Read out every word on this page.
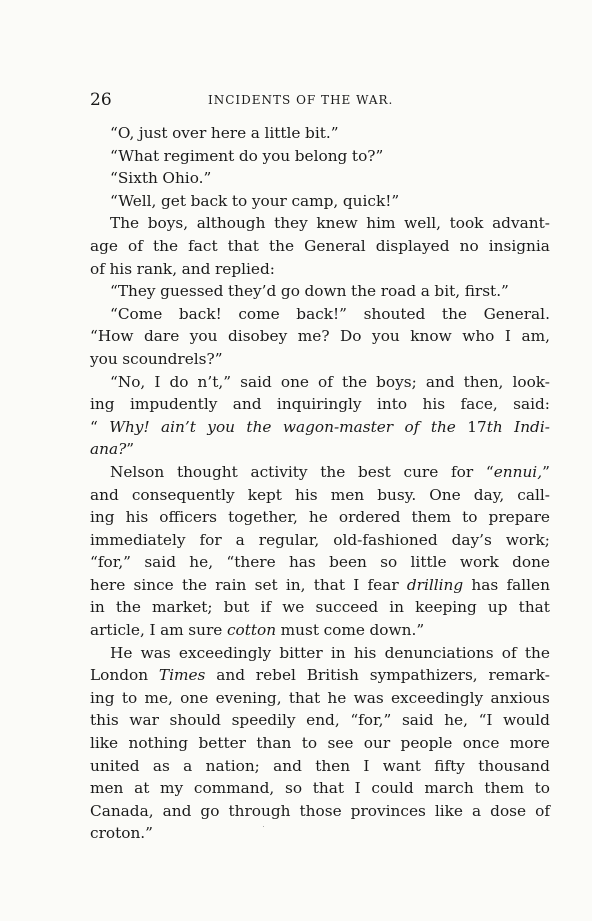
26	INCIDENTS OF THE WAR.
“O, just over here a little bit.”
“What regiment do you belong to?”
“Sixth Ohio.”
“Well, get back to your camp, quick!”
The boys, although they knew him well, took advant-
age of the fact that the General displayed no insignia
of his rank, and replied:
“They guessed they’d go down the road a bit, first.”
“Come back! come back!” shouted the General.
“How dare you disobey me? Do you know who I am,
you scoundrels?”
“No, I do n’t,” said one of the boys; and then, look-
ing impudently and inquiringly into his face, said:
“ Why! ain’t you the wagon-master of the 17th Indi-
ana?”
Nelson thought activity the best cure for “ennui,”
and consequently kept his men busy. One day, call-
ing his officers together, he ordered them to prepare
immediately for a regular, old-fashioned day’s work;
“for,” said he, “there has been so little work done
here since the rain set in, that I fear drilling has fallen
in the market; but if we succeed in keeping up that
article, I am sure cotton must come down.”
He was exceedingly bitter in his denunciations of the
London Times and rebel British sympathizers, remark-
ing to me, one evening, that he was exceedingly anxious
this war should speedily end, “for,” said he, “I would
like nothing better than to see our people once more
united as a nation; and then I want fifty thousand
men at my command, so that I could march them to
Canada, and go through those provinces like a dose of
croton.”
